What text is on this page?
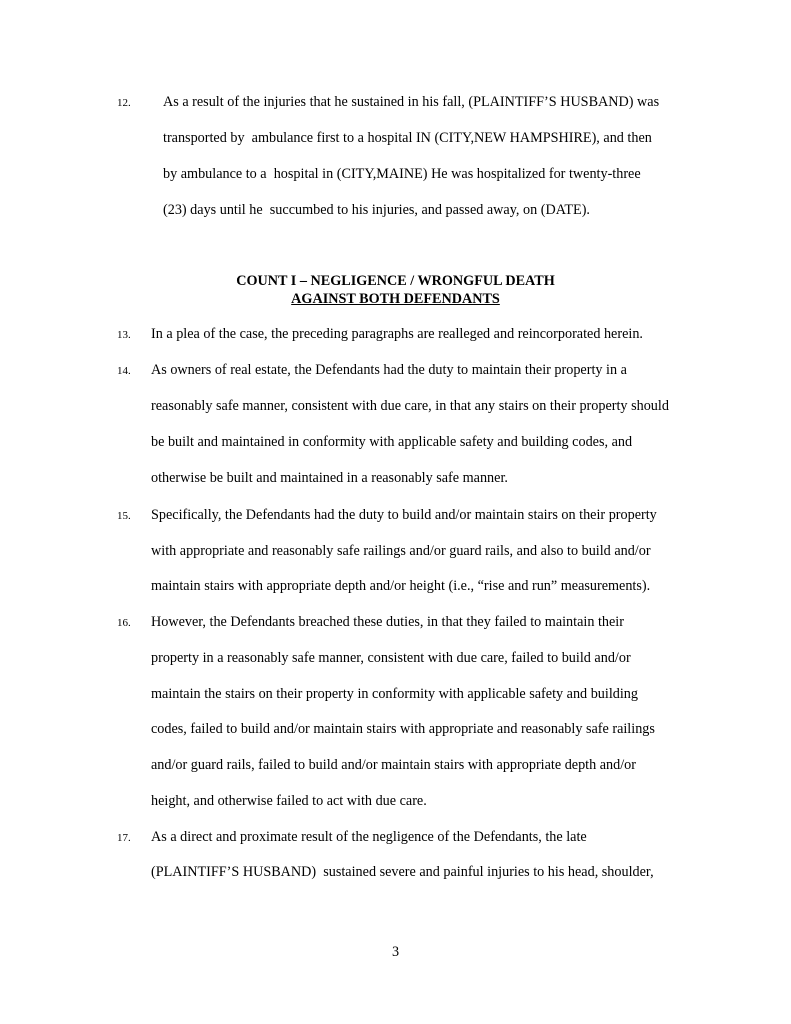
12. As a result of the injuries that he sustained in his fall, (PLAINTIFF’S HUSBAND) was
transported by  ambulance first to a hospital IN (CITY,NEW HAMPSHIRE), and then
by ambulance to a  hospital in (CITY,MAINE) He was hospitalized for twenty-three
(23) days until he  succumbed to his injuries, and passed away, on (DATE).
COUNT I – NEGLIGENCE / WRONGFUL DEATH
AGAINST BOTH DEFENDANTS
13. In a plea of the case, the preceding paragraphs are realleged and reincorporated herein.
14. As owners of real estate, the Defendants had the duty to maintain their property in a
reasonably safe manner, consistent with due care, in that any stairs on their property should
be built and maintained in conformity with applicable safety and building codes, and
otherwise be built and maintained in a reasonably safe manner.
15. Specifically, the Defendants had the duty to build and/or maintain stairs on their property
with appropriate and reasonably safe railings and/or guard rails, and also to build and/or
maintain stairs with appropriate depth and/or height (i.e., “rise and run” measurements).
16. However, the Defendants breached these duties, in that they failed to maintain their
property in a reasonably safe manner, consistent with due care, failed to build and/or
maintain the stairs on their property in conformity with applicable safety and building
codes, failed to build and/or maintain stairs with appropriate and reasonably safe railings
and/or guard rails, failed to build and/or maintain stairs with appropriate depth and/or
height, and otherwise failed to act with due care.
17. As a direct and proximate result of the negligence of the Defendants, the late
(PLAINTIFF’S HUSBAND)  sustained severe and painful injuries to his head, shoulder,
3
